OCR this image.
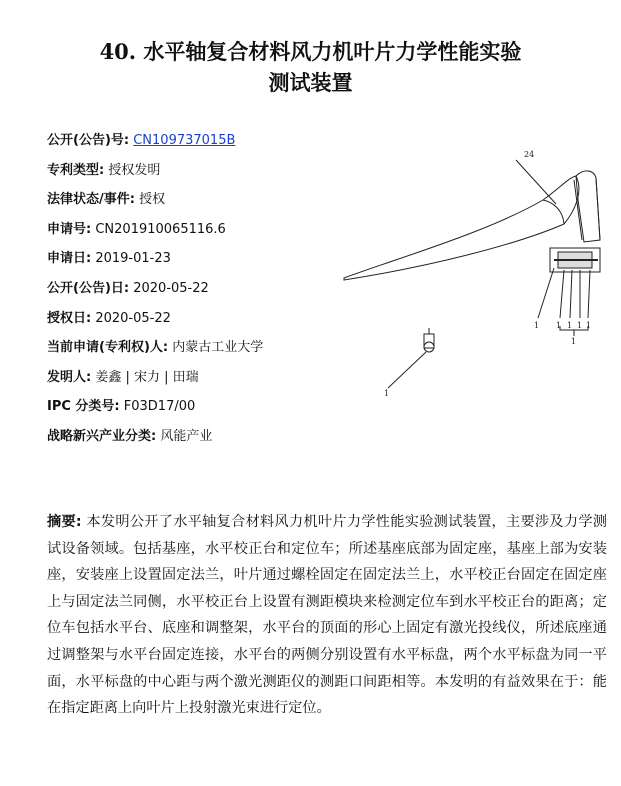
40. 水平轴复合材料风力机叶片力学性能实验
测试装置
公开(公告)号: CN109737015B
专利类型: 授权发明
法律状态/事件: 授权
申请号: CN201910065116.6
申请日: 2019-01-23
公开(公告)日: 2020-05-22
授权日: 2020-05-22
当前申请(专利权)人: 内蒙古工业大学
发明人: 姜鑫 | 宋力 | 田瑞
IPC 分类号: F03D17/00
战略新兴产业分类: 风能产业
24
1 1 1 1 1
1
1
摘要: 本发明公开了水平轴复合材料风力机叶片力学性能实验测试装置，主要涉及力学测试设备领域。包括基座，水平校正台和定位车；所述基座底部为固定座，基座上部为安装座，安装座上设置固定法兰，叶片通过螺栓固定在固定法兰上，水平校正台固定在固定座上与固定法兰同侧，水平校正台上设置有测距模块来检测定位车到水平校正台的距离；定位车包括水平台、底座和调整架，水平台的顶面的形心上固定有激光投线仪，所述底座通过调整架与水平台固定连接，水平台的两侧分别设置有水平标盘，两个水平标盘为同一平面，水平标盘的中心距与两个激光测距仪的测距口间距相等。本发明的有益效果在于：能在指定距离上向叶片上投射激光束进行定位。
